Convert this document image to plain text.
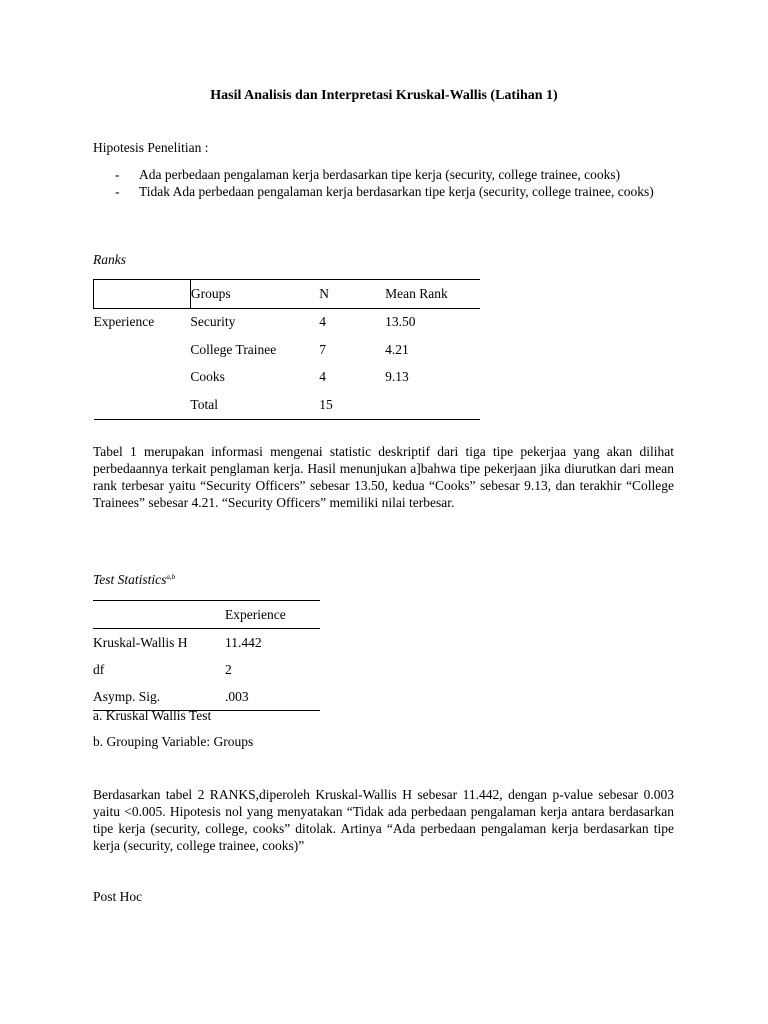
Hasil Analisis dan Interpretasi Kruskal-Wallis (Latihan 1)
Hipotesis Penelitian :
- Ada perbedaan pengalaman kerja berdasarkan tipe kerja (security, college trainee, cooks)
- Tidak Ada perbedaan pengalaman kerja berdasarkan tipe kerja (security, college trainee, cooks)
Ranks
	Groups	N	Mean Rank
Experience	Security	4	13.50
	College Trainee	7	4.21
	Cooks	4	9.13
	Total	15	
Tabel 1 merupakan informasi mengenai statistic deskriptif dari tiga tipe pekerjaa yang akan dilihat perbedaannya terkait penglaman kerja. Hasil menunjukan a]bahwa tipe pekerjaan jika diurutkan dari mean rank terbesar yaitu “Security Officers” sebesar 13.50, kedua “Cooks” sebesar 9.13, dan terakhir “College Trainees” sebesar 4.21. “Security Officers” memiliki nilai terbesar.
Test Statistics$^{a,b}$
	Experience
Kruskal-Wallis H	11.442
df	2
Asymp. Sig.	.003
a. Kruskal Wallis Test
b. Grouping Variable: Groups
Berdasarkan tabel 2 RANKS,diperoleh Kruskal-Wallis H sebesar 11.442, dengan p-value sebesar 0.003 yaitu <0.005. Hipotesis nol yang menyatakan “Tidak ada perbedaan pengalaman kerja antara berdasarkan tipe kerja (security, college, cooks” ditolak. Artinya “Ada perbedaan pengalaman kerja berdasarkan tipe kerja (security, college trainee, cooks)”
Post Hoc
